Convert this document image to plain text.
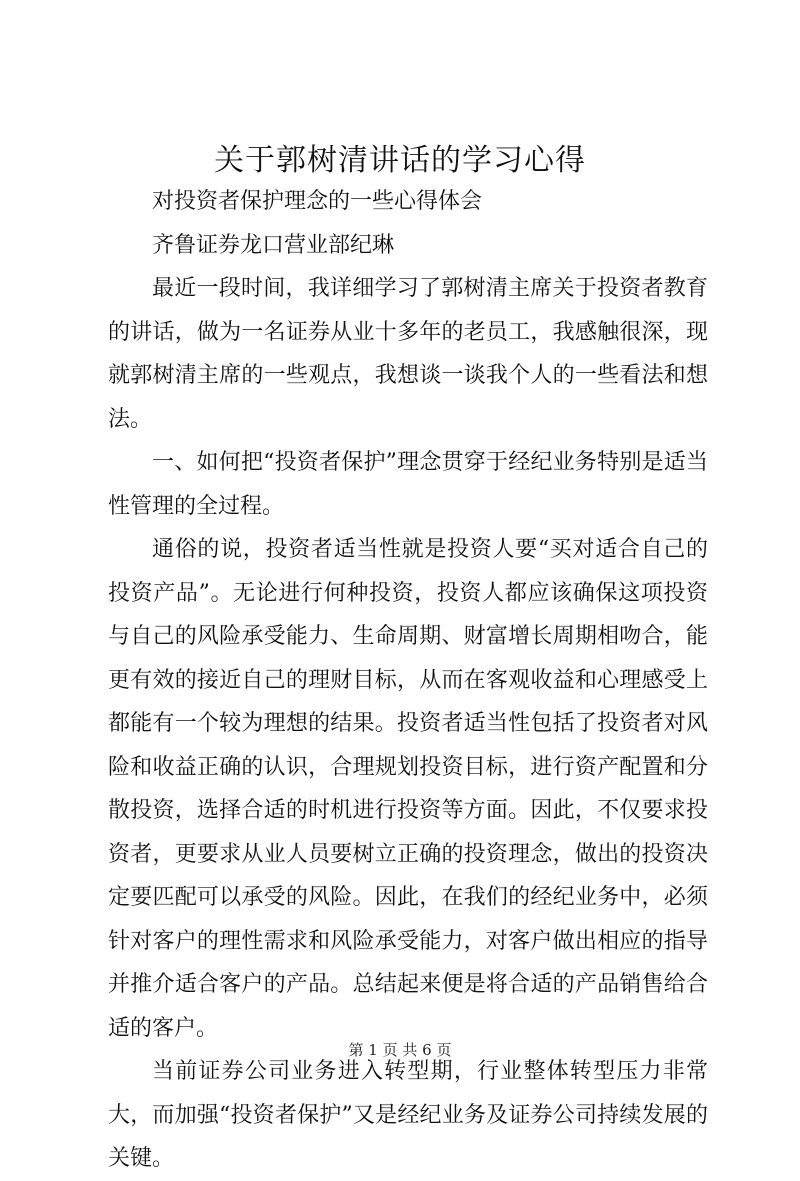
关于郭树清讲话的学习心得

对投资者保护理念的一些心得体会

齐鲁证券龙口营业部纪琳

最近一段时间，我详细学习了郭树清主席关于投资者教育的讲话，做为一名证券从业十多年的老员工，我感触很深，现就郭树清主席的一些观点，我想谈一谈我个人的一些看法和想法。

一、如何把“投资者保护”理念贯穿于经纪业务特别是适当性管理的全过程。

通俗的说，投资者适当性就是投资人要“买对适合自己的投资产品”。无论进行何种投资，投资人都应该确保这项投资与自己的风险承受能力、生命周期、财富增长周期相吻合，能更有效的接近自己的理财目标，从而在客观收益和心理感受上都能有一个较为理想的结果。投资者适当性包括了投资者对风险和收益正确的认识，合理规划投资目标，进行资产配置和分散投资，选择合适的时机进行投资等方面。因此，不仅要求投资者，更要求从业人员要树立正确的投资理念，做出的投资决定要匹配可以承受的风险。因此，在我们的经纪业务中，必须针对客户的理性需求和风险承受能力，对客户做出相应的指导并推介适合客户的产品。总结起来便是将合适的产品销售给合适的客户。

当前证券公司业务进入转型期，行业整体转型压力非常大，而加强“投资者保护”又是经纪业务及证券公司持续发展的关键。

第 1 页 共 6 页
